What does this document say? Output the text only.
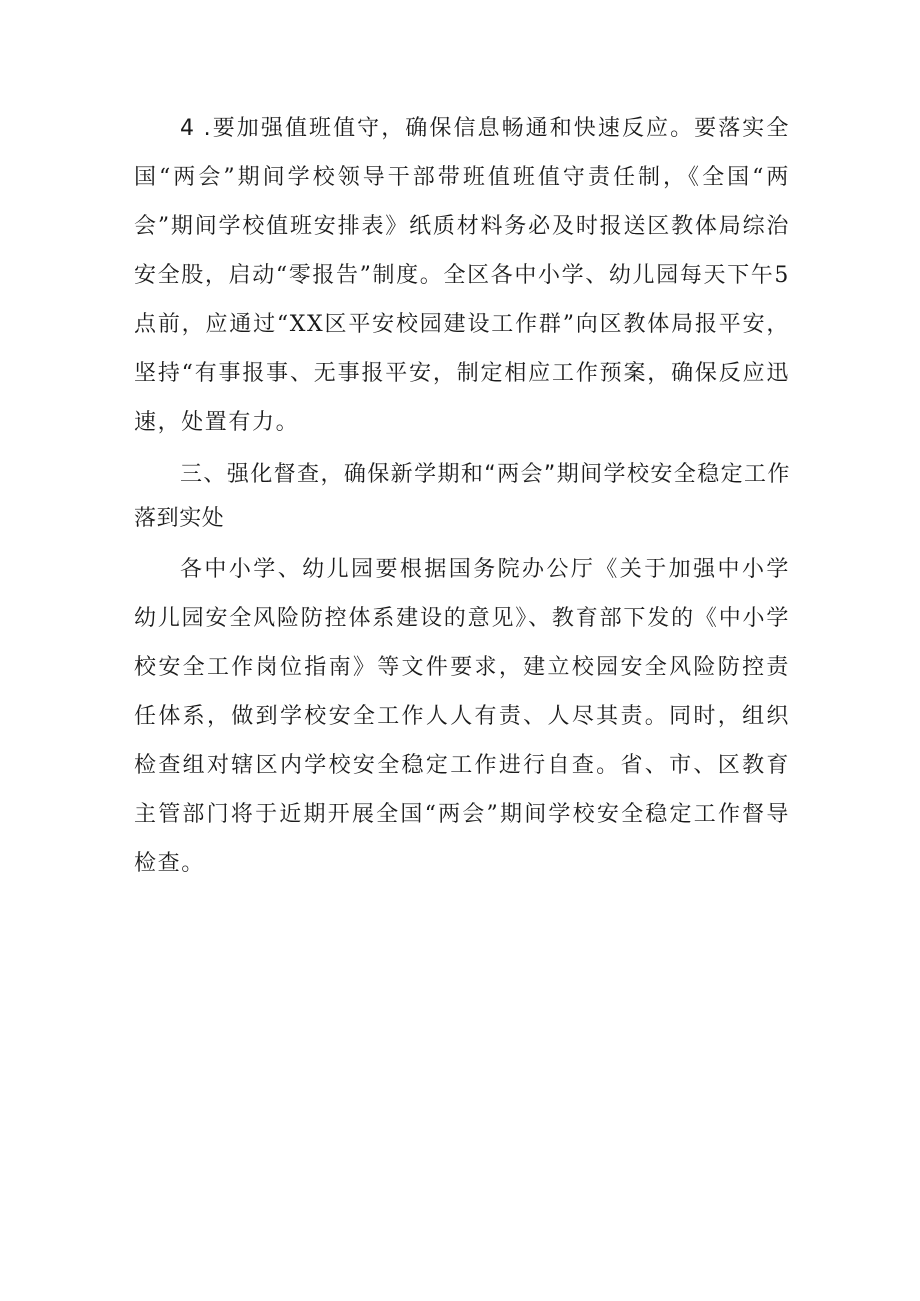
4 .要加强值班值守，确保信息畅通和快速反应。要落实全国“两会”期间学校领导干部带班值班值守责任制，《全国“两会”期间学校值班安排表》纸质材料务必及时报送区教体局综治安全股，启动“零报告”制度。全区各中小学、幼儿园每天下午5点前，应通过“XX区平安校园建设工作群”向区教体局报平安，坚持“有事报事、无事报平安，制定相应工作预案，确保反应迅速，处置有力。

三、强化督查，确保新学期和“两会”期间学校安全稳定工作落到实处

各中小学、幼儿园要根据国务院办公厅《关于加强中小学幼儿园安全风险防控体系建设的意见》、教育部下发的《中小学校安全工作岗位指南》等文件要求，建立校园安全风险防控责任体系，做到学校安全工作人人有责、人尽其责。同时，组织检查组对辖区内学校安全稳定工作进行自查。省、市、区教育主管部门将于近期开展全国“两会”期间学校安全稳定工作督导检查。
